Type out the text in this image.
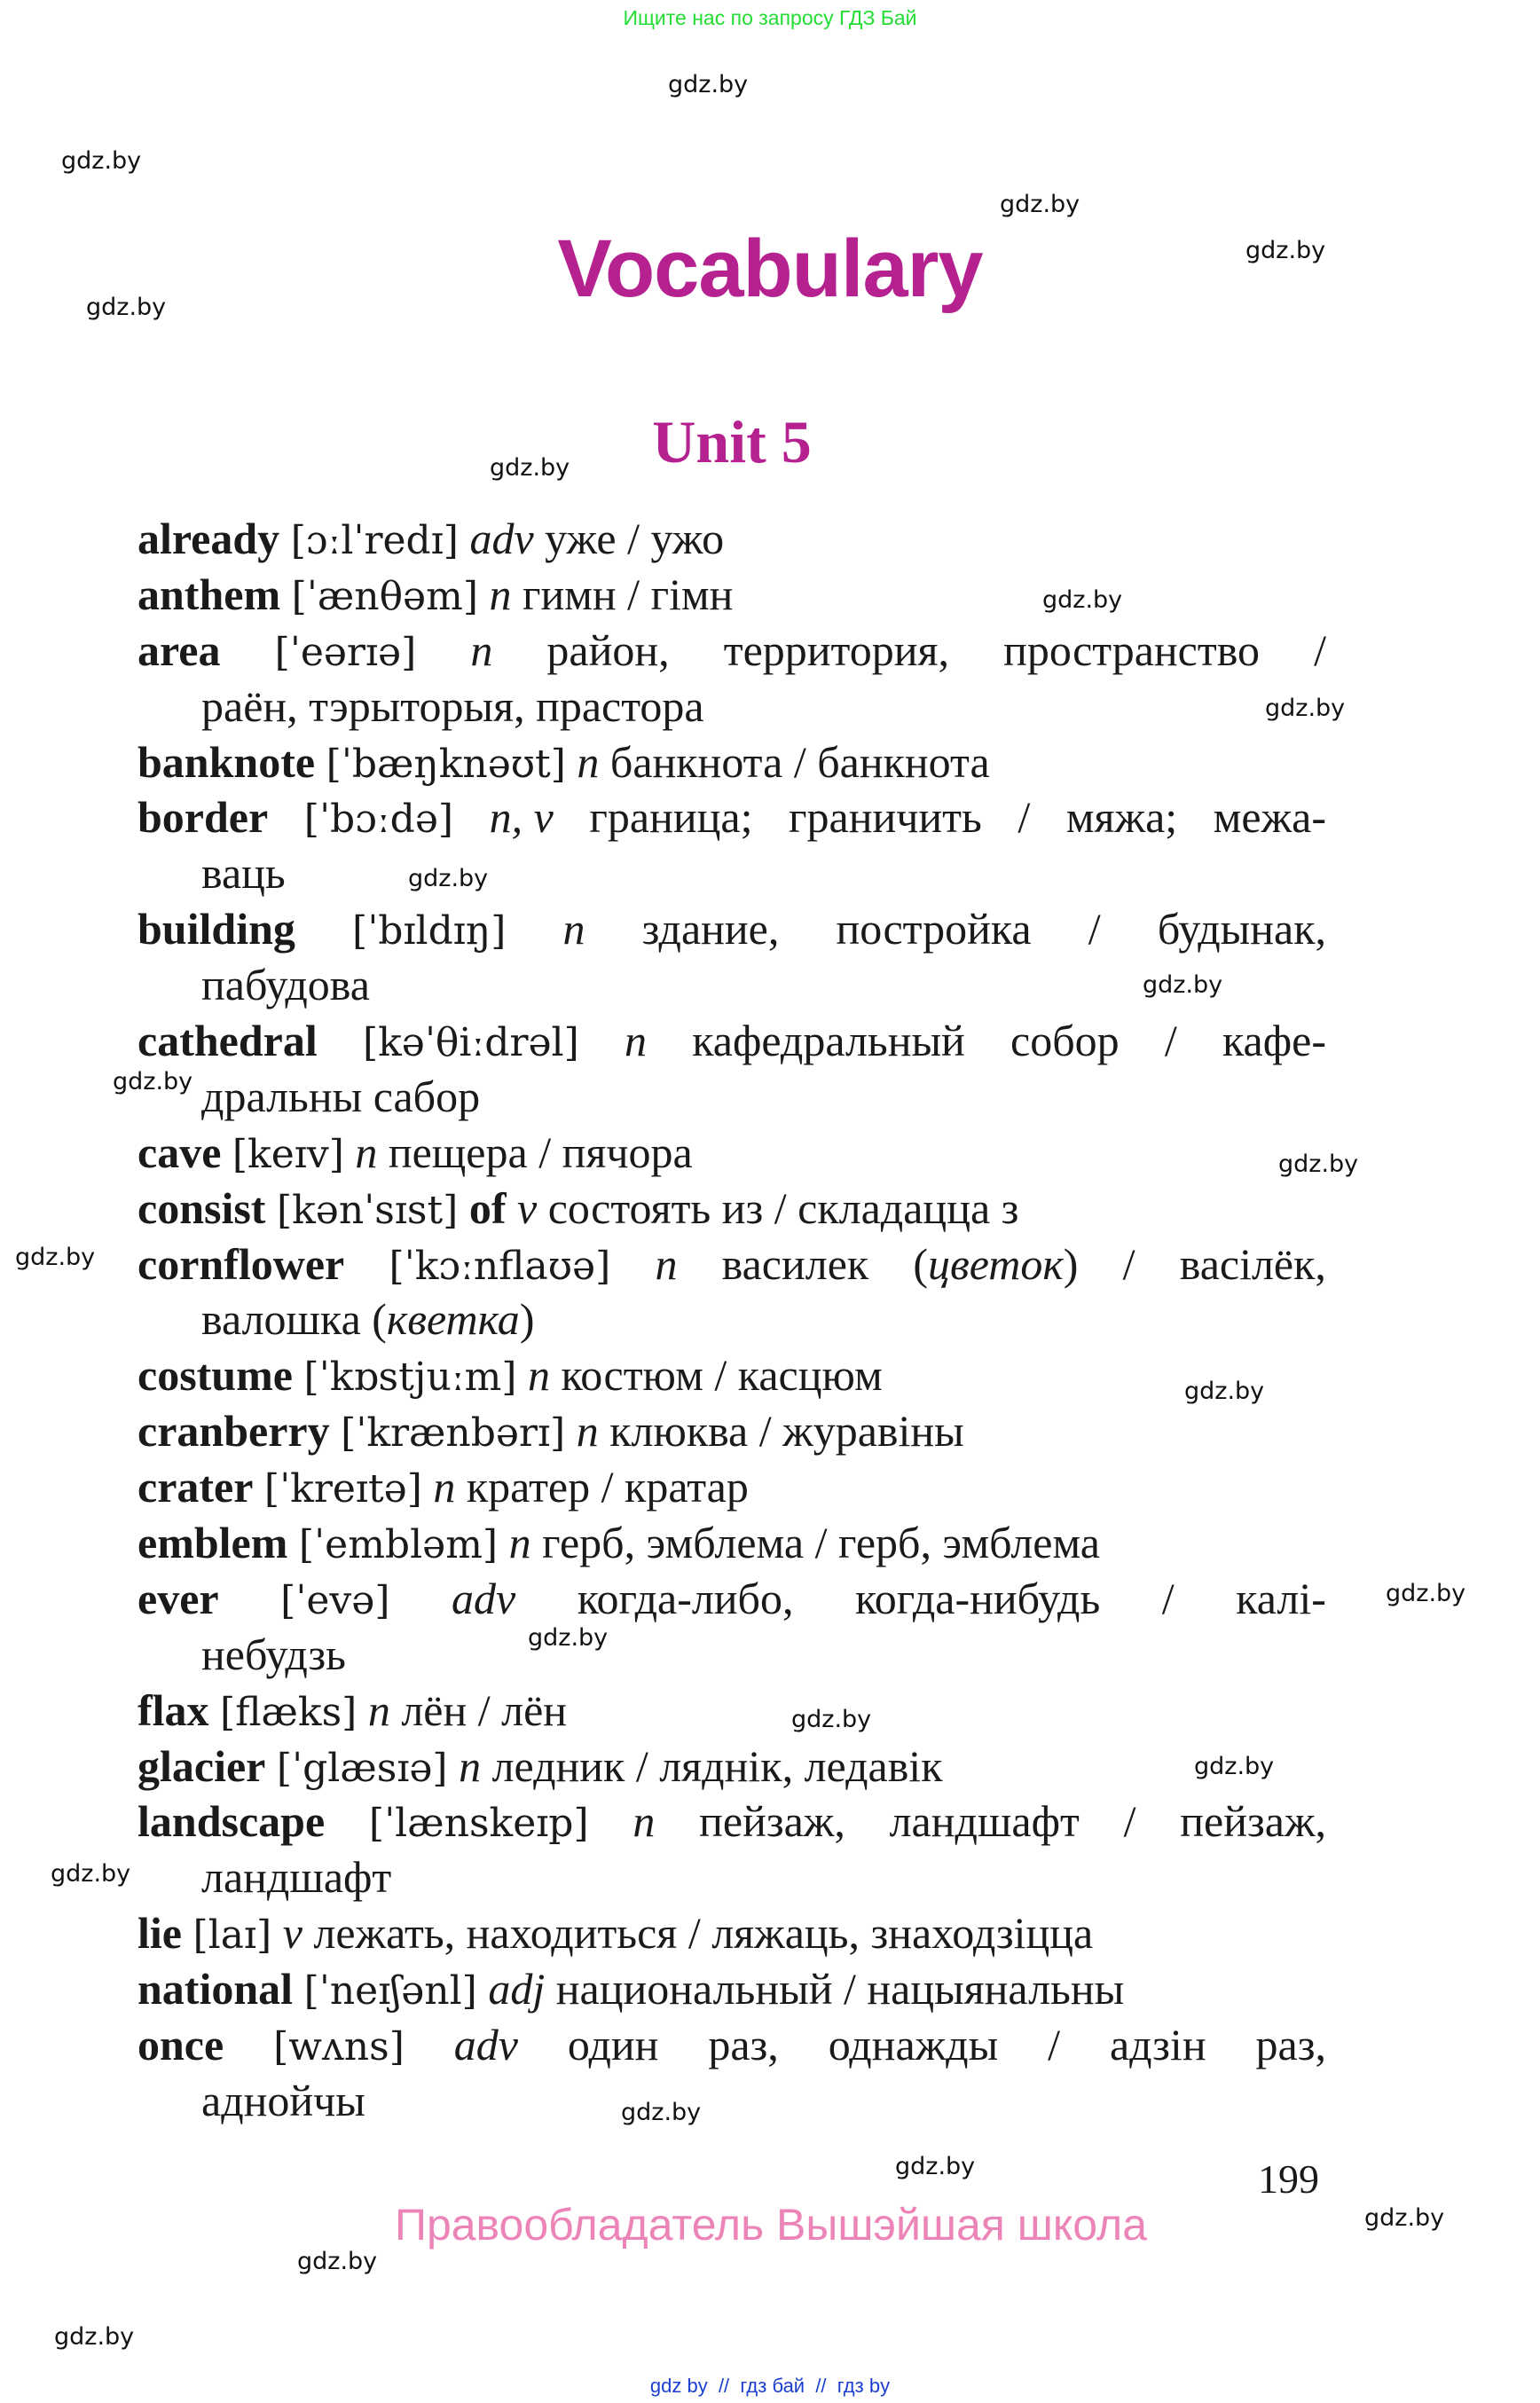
Ищите нас по запросу ГДЗ Бай
gdz.by
gdz.by
gdz.by
gdz.by
gdz.by
gdz.by
gdz.by
gdz.by
gdz.by
gdz.by
gdz.by
gdz.by
gdz.by
gdz.by
gdz.by
gdz.by
gdz.by
gdz.by
gdz.by
gdz.by
gdz.by
gdz.by
gdz.by
gdz.by
Vocabulary
Unit 5
already
[ɔːlˈredɪ]
adv
уже
/
ужо
anthem
[ˈænθəm]
n
гимн
/
гімн
area [ˈeərɪə] n район, территория, пространство /
раён,
тэрыторыя,
прастора
banknote
[ˈbæŋknəʊt]
n
банкнота
/
банкнота
border [ˈbɔːdə] n, v граница; граничить / мяжа; межа-
ваць
building [ˈbɪldɪŋ] n здание, постройка / будынак,
пабудова
cathedral [kəˈθiːdrəl] n кафедральный собор / кафе-
дральны
сабор
cave
[keɪv]
n
пещера
/
пячора
consist
[kənˈsɪst]
of
v
состоять
из
/
складацца
з
cornflower [ˈkɔːnflaʊə] n василек (цветок) / васілёк,
валошка
(кветка)
costume
[ˈkɒstjuːm]
n
костюм
/
касцюм
cranberry
[ˈkrænbərɪ]
n
клюква
/
журавіны
crater
[ˈkreɪtə]
n
кратер
/
кратар
emblem
[ˈembləm]
n
герб,
эмблема
/
герб,
эмблема
ever [ˈevə] adv когда-либо, когда-нибудь / калі-
небудзь
flax
[flæks]
n
лён
/
лён
glacier
[ˈglæsɪə]
n
ледник
/
ляднік,
ледавік
landscape [ˈlænskeɪp] n пейзаж, ландшафт / пейзаж,
ландшафт
lie
[laɪ]
v
лежать,
находиться
/
ляжаць,
знаходзіцца
national
[ˈneɪʃənl]
adj
национальный
/
нацыянальны
once [wʌns] adv один раз, однажды / адзін раз,
аднойчы
199
Правообладатель Вышэйшая школа
gdz by  //  гдз бай  //  гдз by
